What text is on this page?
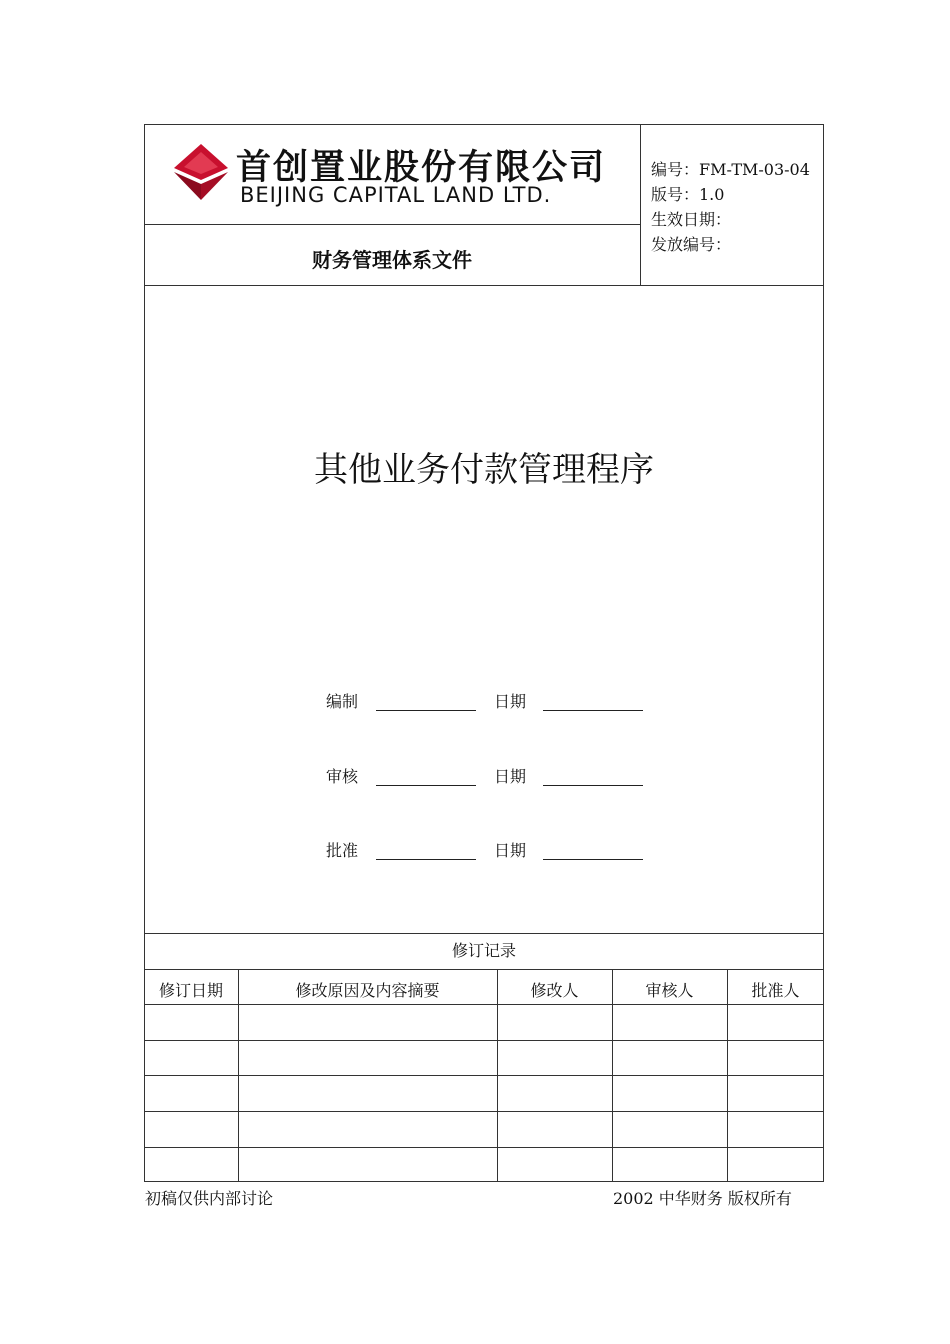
首创置业股份有限公司
BEIJING CAPITAL LAND LTD.
财务管理体系文件
编号：FM-TM-03-04
版号：1.0
生效日期：
发放编号：
其他业务付款管理程序
编制	日期
审核	日期
批准	日期
修订记录
修订日期	修改原因及内容摘要	修改人	审核人	批准人
初稿仅供内部讨论	2002 中华财务 版权所有
